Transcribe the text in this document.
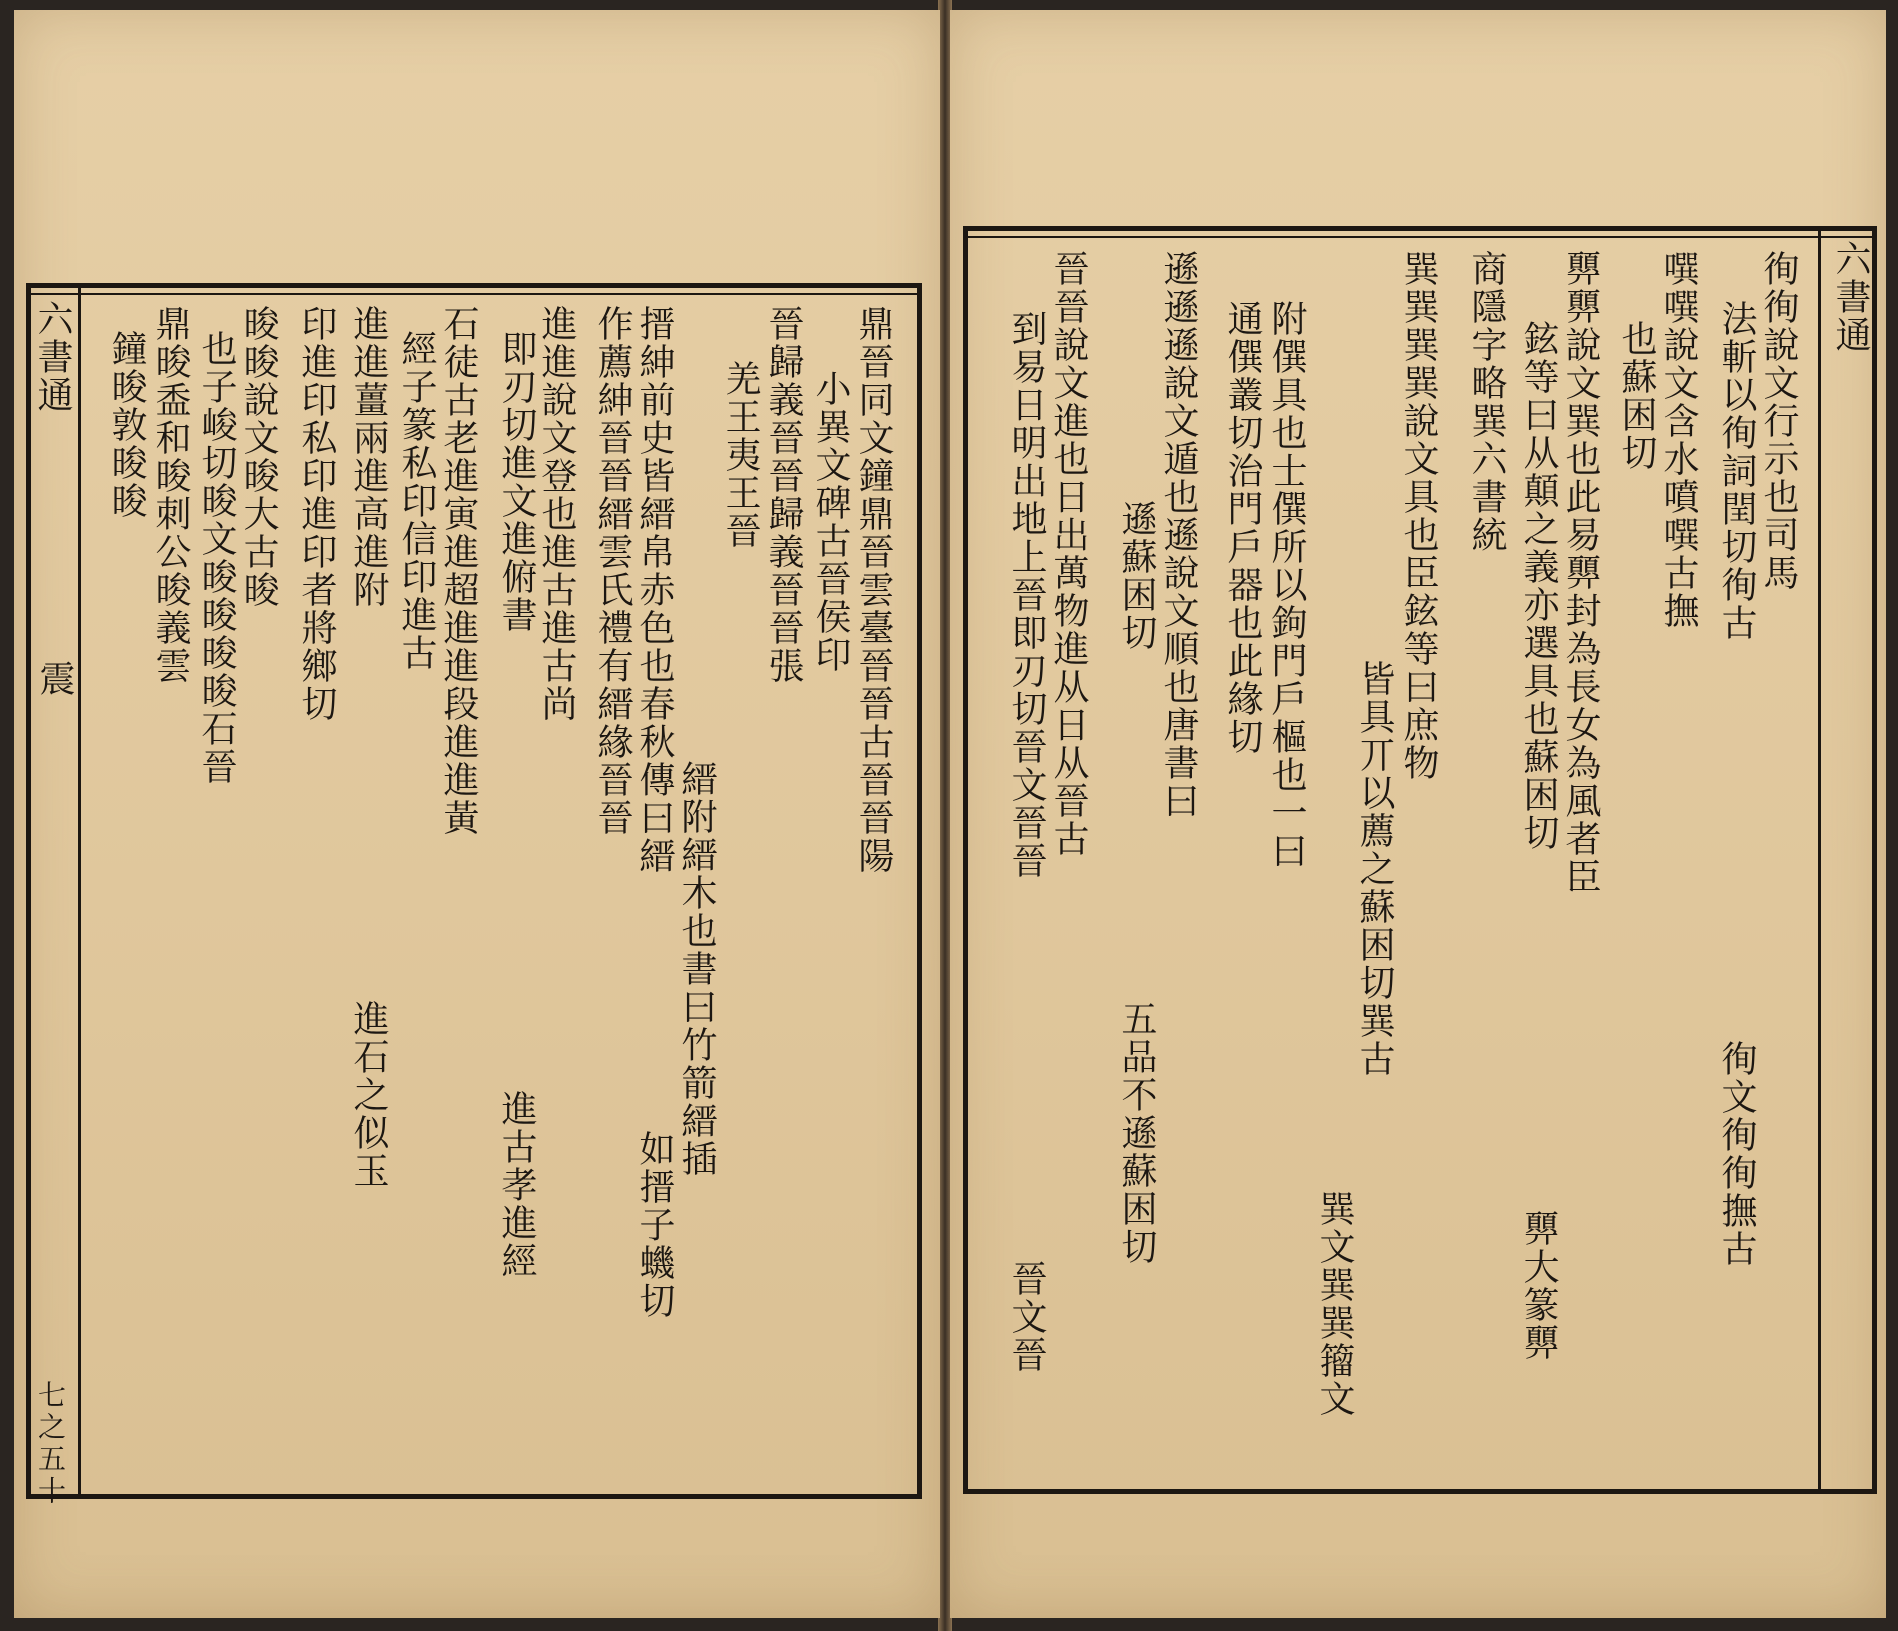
六書通
震
七之五十
鼎晉同文鐘鼎晉雲臺晉晉古晉晉陽
小異文碑古晉侯印
晉歸義晉晉歸義晉晉張
羌王夷王晉
縉附縉木也書曰竹箭縉插
搢紳前史皆縉帛赤色也春秋傳曰縉
如搢子蟣切
作薦紳晉晉縉雲氏禮有縉緣晉晉
進進說文登也進古進古尚
即刃切進文進俯書
進古孝進經
石徒古老進寅進超進進段進進黃
經子篆私印信印進古
進進薑兩進高進附
進石之似玉
印進印私印進印者將鄉切
晙晙說文晙大古晙
也子峻切晙文晙晙晙晙石晉
鼎晙盉和晙刺公晙義雲
鐘晙敦晙晙
六書通
徇徇說文行示也司馬
法斬以徇詞閏切徇古
徇文徇徇撫古
噀噀說文含水噴噀古撫
也蘇困切
顨顨說文巽也此易顨封為長女為風者臣
鉉等曰从顛之義亦選具也蘇困切
顨大篆顨
商隱字略巽六書統
巽巽巽巽說文具也臣鉉等曰庶物
皆具丌以薦之蘇困切巽古
巽文巽巽籀文
附僎具也士僎所以鉤門戶樞也一曰
通僎叢切治門戶器也此緣切
遜遜遜說文遁也遜說文順也唐書曰
五品不遜蘇困切
遜蘇困切
晉晉說文進也日出萬物進从日从晉古
到易日明出地上晉即刃切晉文晉晉
晉文晉
